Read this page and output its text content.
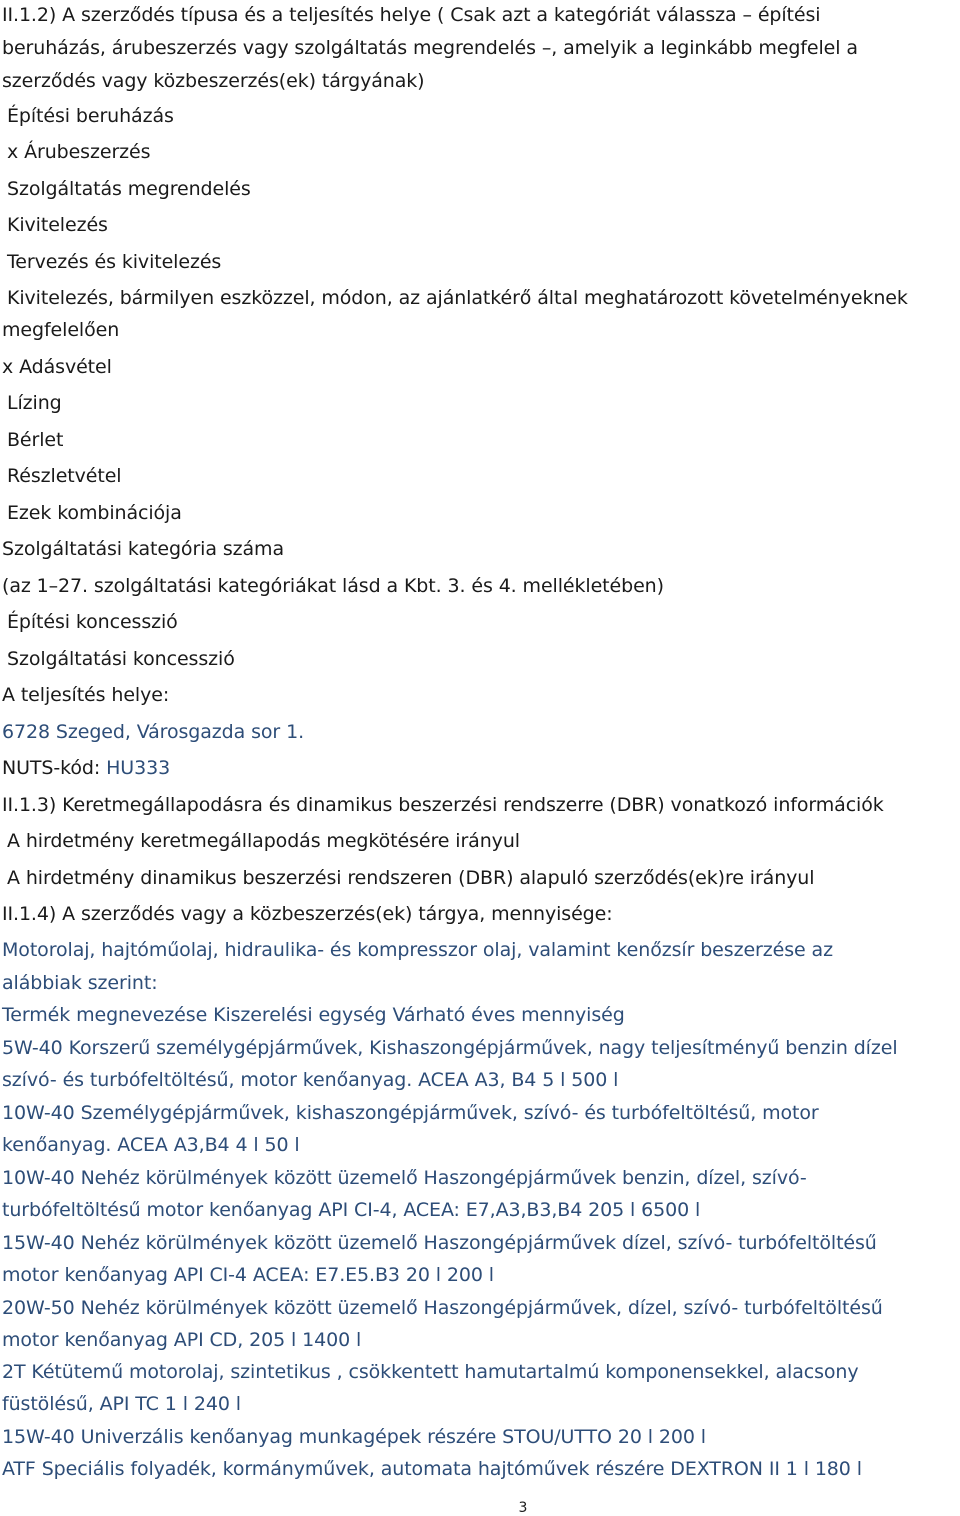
II.1.2) A szerződés típusa és a teljesítés helye ( Csak azt a kategóriát válassza – építési
beruházás, árubeszerzés vagy szolgáltatás megrendelés –, amelyik a leginkább megfelel a
szerződés vagy közbeszerzés(ek) tárgyának)
Építési beruházás
x Árubeszerzés
Szolgáltatás megrendelés
Kivitelezés
Tervezés és kivitelezés
Kivitelezés, bármilyen eszközzel, módon, az ajánlatkérő által meghatározott követelményeknek
megfelelően
x Adásvétel
Lízing
Bérlet
Részletvétel
Ezek kombinációja
Szolgáltatási kategória száma
(az 1–27. szolgáltatási kategóriákat lásd a Kbt. 3. és 4. mellékletében)
Építési koncesszió
Szolgáltatási koncesszió
A teljesítés helye:
6728 Szeged, Városgazda sor 1.
NUTS-kód: HU333
II.1.3) Keretmegállapodásra és dinamikus beszerzési rendszerre (DBR) vonatkozó információk
A hirdetmény keretmegállapodás megkötésére irányul
A hirdetmény dinamikus beszerzési rendszeren (DBR) alapuló szerződés(ek)re irányul
II.1.4) A szerződés vagy a közbeszerzés(ek) tárgya, mennyisége:
Motorolaj, hajtóműolaj, hidraulika- és kompresszor olaj, valamint kenőzsír beszerzése az
alábbiak szerint:
Termék megnevezése Kiszerelési egység Várható éves mennyiség
5W-40 Korszerű személygépjárművek, Kishaszongépjárművek, nagy teljesítményű benzin dízel
szívó- és turbófeltöltésű, motor kenőanyag. ACEA A3, B4 5 l 500 l
10W-40 Személygépjárművek, kishaszongépjárművek, szívó- és turbófeltöltésű, motor
kenőanyag. ACEA A3,B4 4 l 50 l
10W-40 Nehéz körülmények között üzemelő Haszongépjárművek benzin, dízel, szívó-
turbófeltöltésű motor kenőanyag API CI-4, ACEA: E7,A3,B3,B4 205 l 6500 l
15W-40 Nehéz körülmények között üzemelő Haszongépjárművek dízel, szívó- turbófeltöltésű
motor kenőanyag API CI-4 ACEA: E7.E5.B3 20 l 200 l
20W-50 Nehéz körülmények között üzemelő Haszongépjárművek, dízel, szívó- turbófeltöltésű
motor kenőanyag API CD, 205 l 1400 l
2T Kétütemű motorolaj, szintetikus , csökkentett hamutartalmú komponensekkel, alacsony
füstölésű, API TC 1 l 240 l
15W-40 Univerzális kenőanyag munkagépek részére STOU/UTTO 20 l 200 l
ATF Speciális folyadék, kormányművek, automata hajtóművek részére DEXTRON II 1 l 180 l
3
